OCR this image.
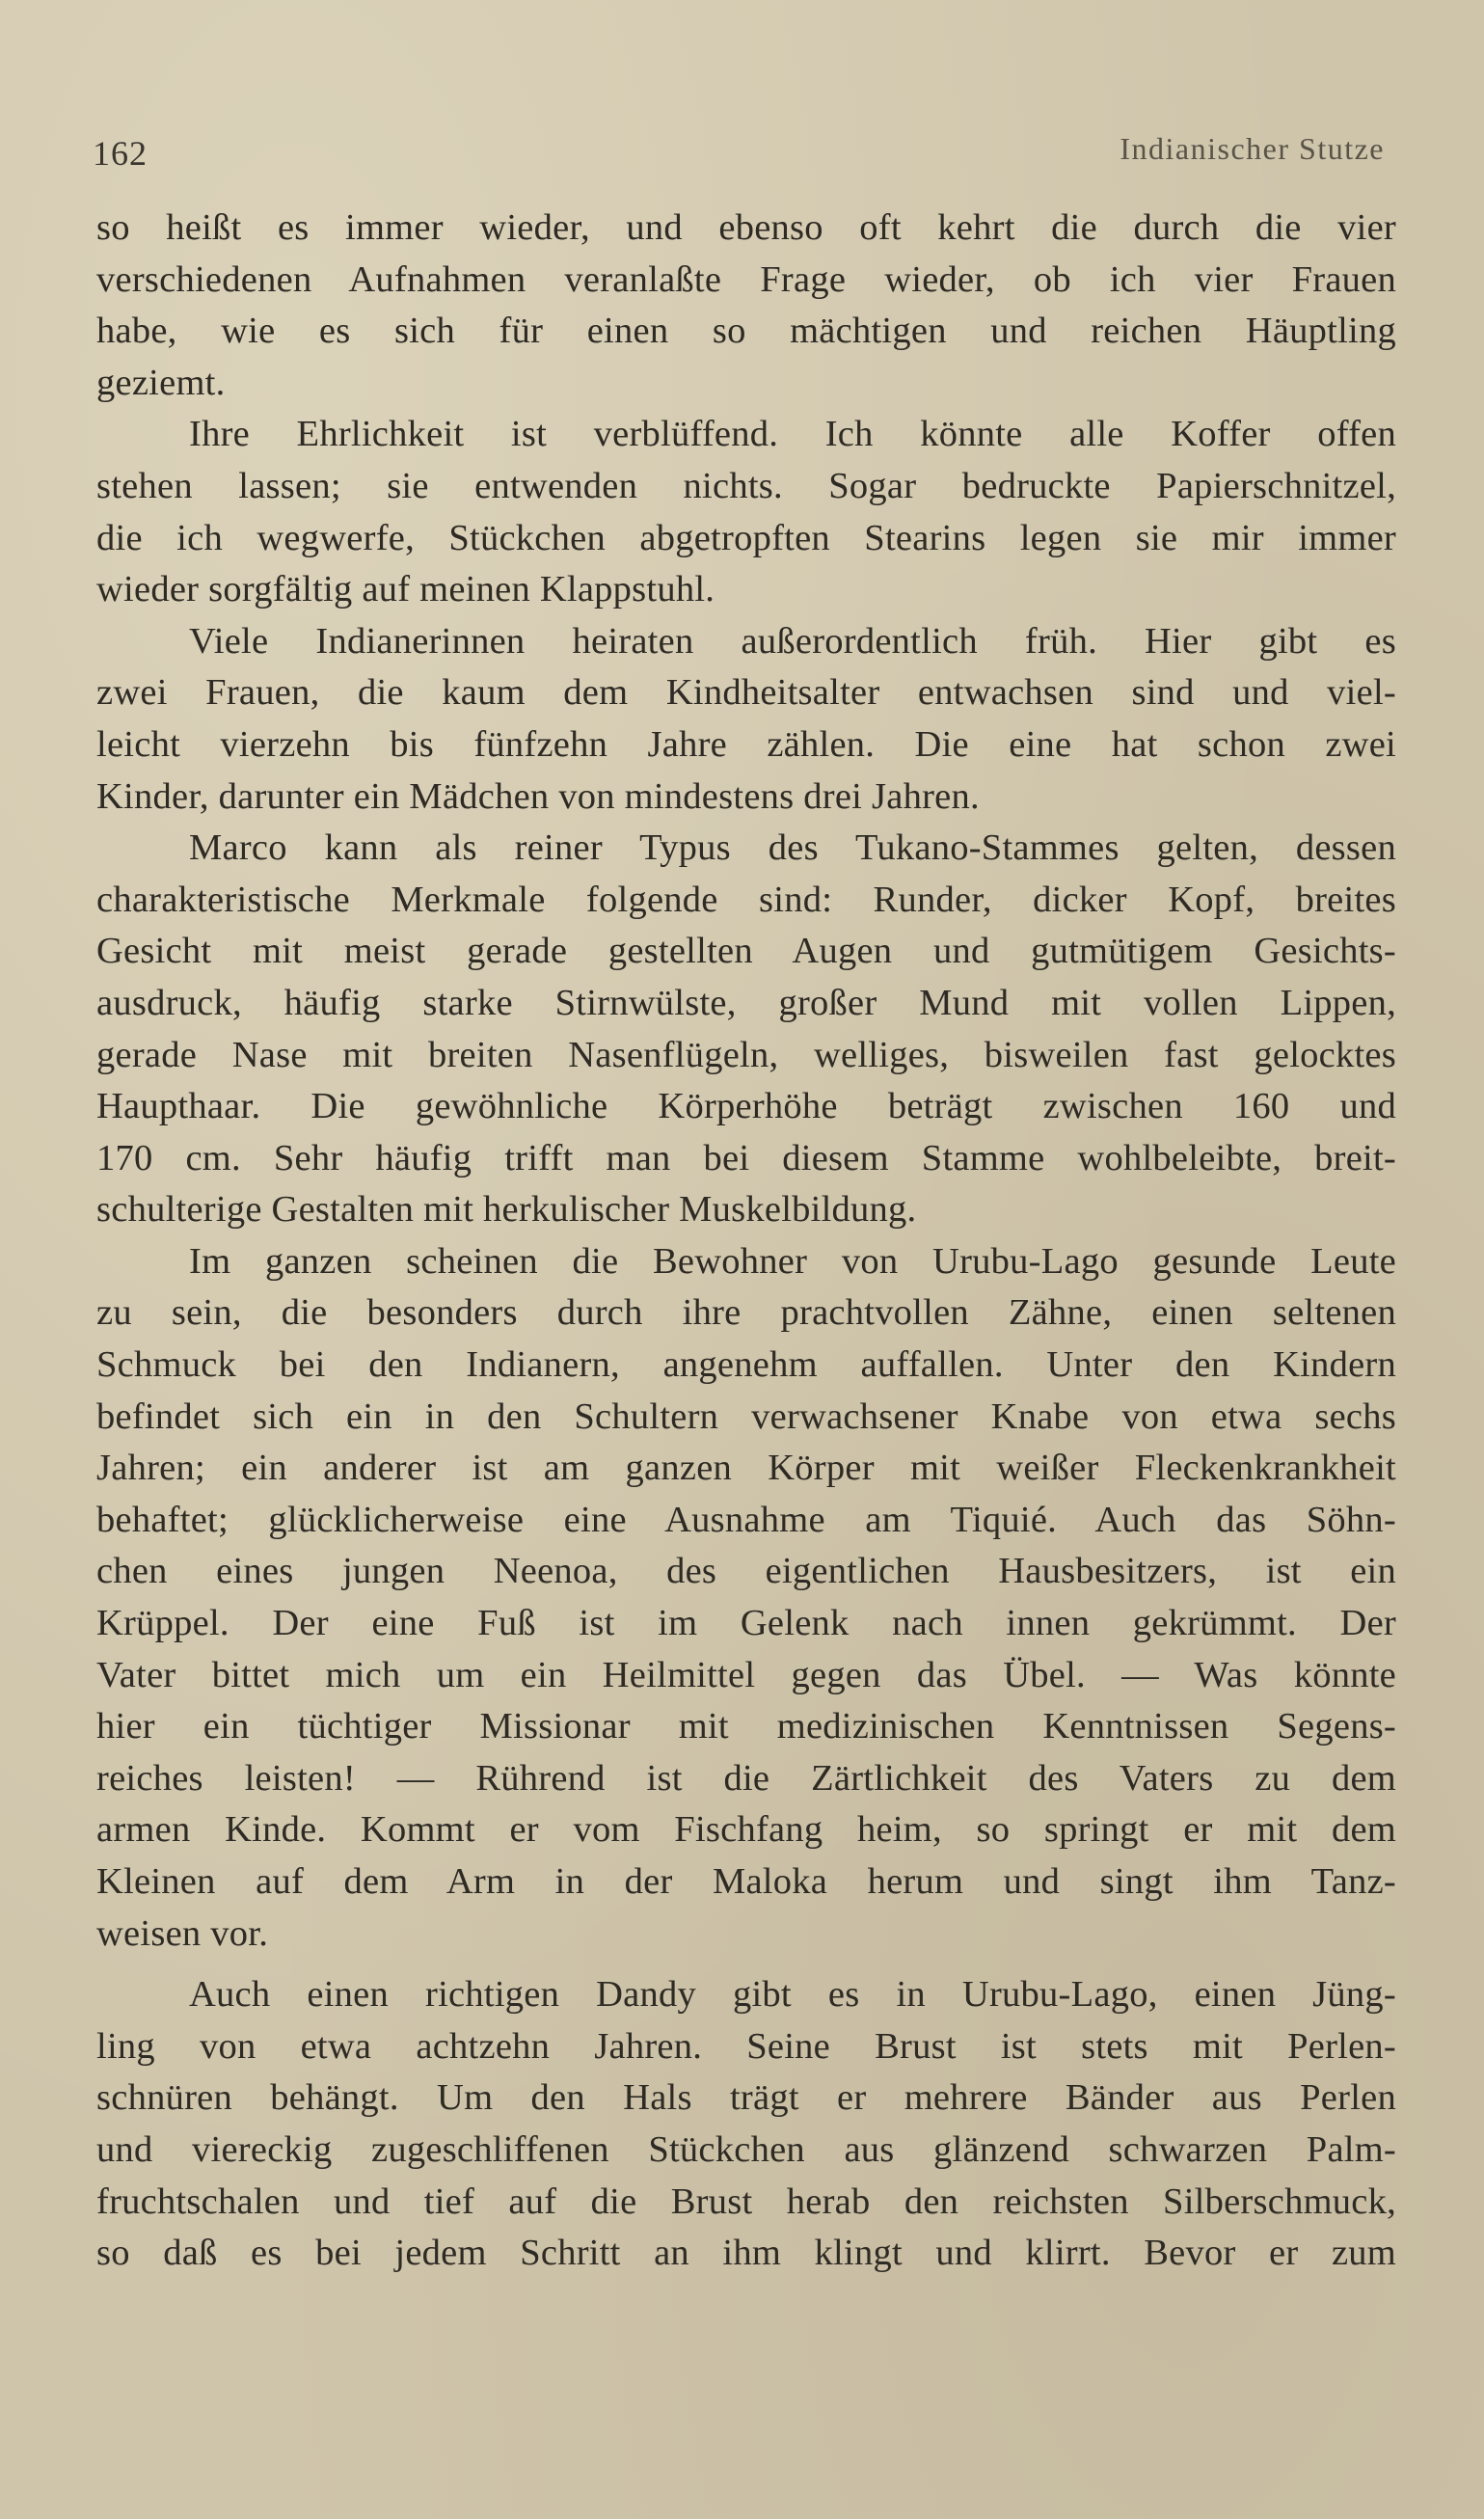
162	Indianischer Stutze
so heißt es immer wieder, und ebenso oft kehrt die durch die vier
verschiedenen Aufnahmen veranlaßte Frage wieder, ob ich vier Frauen
habe, wie es sich für einen so mächtigen und reichen Häuptling
geziemt.
Ihre Ehrlichkeit ist verblüffend. Ich könnte alle Koffer offen
stehen lassen; sie entwenden nichts. Sogar bedruckte Papierschnitzel,
die ich wegwerfe, Stückchen abgetropften Stearins legen sie mir immer
wieder sorgfältig auf meinen Klappstuhl.
Viele Indianerinnen heiraten außerordentlich früh. Hier gibt es
zwei Frauen, die kaum dem Kindheitsalter entwachsen sind und viel-
leicht vierzehn bis fünfzehn Jahre zählen. Die eine hat schon zwei
Kinder, darunter ein Mädchen von mindestens drei Jahren.
Marco kann als reiner Typus des Tukano-Stammes gelten, dessen
charakteristische Merkmale folgende sind: Runder, dicker Kopf, breites
Gesicht mit meist gerade gestellten Augen und gutmütigem Gesichts-
ausdruck, häufig starke Stirnwülste, großer Mund mit vollen Lippen,
gerade Nase mit breiten Nasenflügeln, welliges, bisweilen fast gelocktes
Haupthaar. Die gewöhnliche Körperhöhe beträgt zwischen 160 und
170 cm. Sehr häufig trifft man bei diesem Stamme wohlbeleibte, breit-
schulterige Gestalten mit herkulischer Muskelbildung.
Im ganzen scheinen die Bewohner von Urubu-Lago gesunde Leute
zu sein, die besonders durch ihre prachtvollen Zähne, einen seltenen
Schmuck bei den Indianern, angenehm auffallen. Unter den Kindern
befindet sich ein in den Schultern verwachsener Knabe von etwa sechs
Jahren; ein anderer ist am ganzen Körper mit weißer Fleckenkrankheit
behaftet; glücklicherweise eine Ausnahme am Tiquié. Auch das Söhn-
chen eines jungen Neenoa, des eigentlichen Hausbesitzers, ist ein
Krüppel. Der eine Fuß ist im Gelenk nach innen gekrümmt. Der
Vater bittet mich um ein Heilmittel gegen das Übel. — Was könnte
hier ein tüchtiger Missionar mit medizinischen Kenntnissen Segens-
reiches leisten! — Rührend ist die Zärtlichkeit des Vaters zu dem
armen Kinde. Kommt er vom Fischfang heim, so springt er mit dem
Kleinen auf dem Arm in der Maloka herum und singt ihm Tanz-
weisen vor.
Auch einen richtigen Dandy gibt es in Urubu-Lago, einen Jüng-
ling von etwa achtzehn Jahren. Seine Brust ist stets mit Perlen-
schnüren behängt. Um den Hals trägt er mehrere Bänder aus Perlen
und viereckig zugeschliffenen Stückchen aus glänzend schwarzen Palm-
fruchtschalen und tief auf die Brust herab den reichsten Silberschmuck,
so daß es bei jedem Schritt an ihm klingt und klirrt. Bevor er zum
